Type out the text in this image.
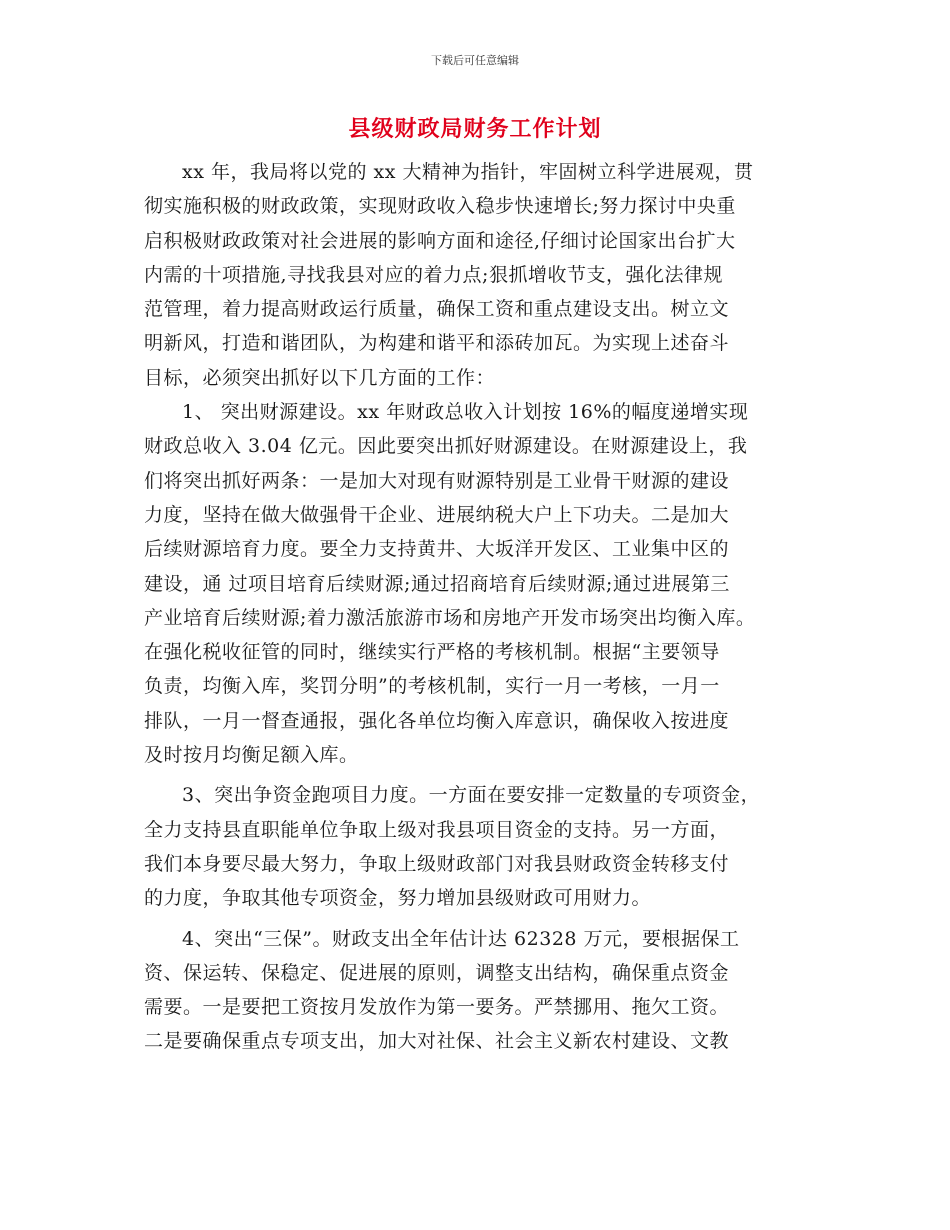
下载后可任意编辑
县级财政局财务工作计划
xx 年，我局将以党的 xx 大精神为指针，牢固树立科学进展观，贯
彻实施积极的财政政策，实现财政收入稳步快速增长;努力探讨中央重
启积极财政政策对社会进展的影响方面和途径,仔细讨论国家出台扩大
内需的十项措施,寻找我县对应的着力点;狠抓增收节支，强化法律规
范管理，着力提高财政运行质量，确保工资和重点建设支出。树立文
明新风，打造和谐团队，为构建和谐平和添砖加瓦。为实现上述奋斗
目标，必须突出抓好以下几方面的工作：
1、 突出财源建设。xx 年财政总收入计划按 16%的幅度递增实现
财政总收入 3.04 亿元。因此要突出抓好财源建设。在财源建设上，我
们将突出抓好两条：一是加大对现有财源特别是工业骨干财源的建设
力度，坚持在做大做强骨干企业、进展纳税大户上下功夫。二是加大
后续财源培育力度。要全力支持黄井、大坂洋开发区、工业集中区的
建设，通 过项目培育后续财源;通过招商培育后续财源;通过进展第三
产业培育后续财源;着力激活旅游市场和房地产开发市场突出均衡入库。
在强化税收征管的同时，继续实行严格的考核机制。根据“主要领导
负责，均衡入库，奖罚分明”的考核机制，实行一月一考核，一月一
排队，一月一督查通报，强化各单位均衡入库意识，确保收入按进度
及时按月均衡足额入库。
3、突出争资金跑项目力度。一方面在要安排一定数量的专项资金，
全力支持县直职能单位争取上级对我县项目资金的支持。另一方面，
我们本身要尽最大努力，争取上级财政部门对我县财政资金转移支付
的力度，争取其他专项资金，努力增加县级财政可用财力。
4、突出“三保”。财政支出全年估计达 62328 万元，要根据保工
资、保运转、保稳定、促进展的原则，调整支出结构，确保重点资金
需要。一是要把工资按月发放作为第一要务。严禁挪用、拖欠工资。
二是要确保重点专项支出，加大对社保、社会主义新农村建设、文教
